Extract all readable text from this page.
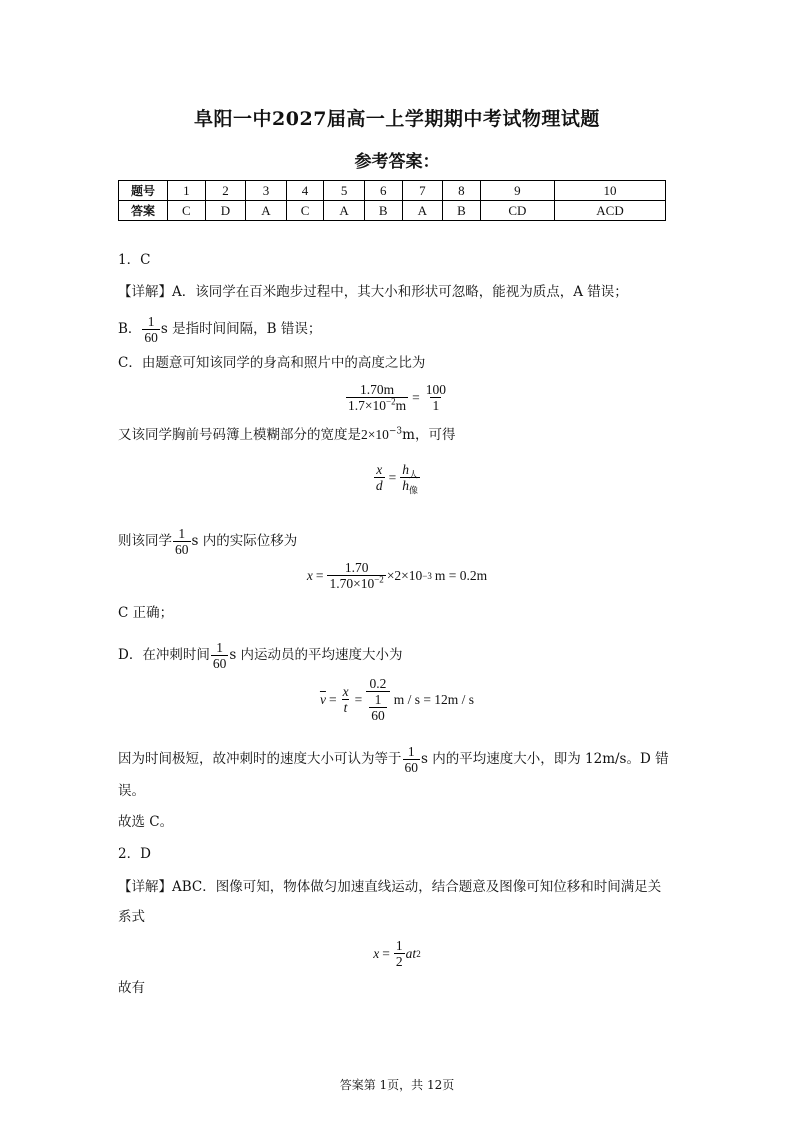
阜阳一中2027届高一上学期期中考试物理试题
参考答案：
题号	1	2	3	4	5	6	7	8	9	10
答案	C	D	A	C	A	B	A	B	CD	ACD
1．C
【详解】A．该同学在百米跑步过程中，其大小和形状可忽略，能视为质点，A 错误；
B． $\frac{1}{60}$ s 是指时间间隔，B 错误；
C．由题意可知该同学的身高和照片中的高度之比为
$\frac{1.70m}{1.7\times 10^{-2}m} = \frac{100}{1}$
又该同学胸前号码簿上模糊部分的宽度是$2\times 10^{-3}m$，可得
$\frac{x}{d} = \frac{h_人}{h_像}$
则该同学 $\frac{1}{60}$ s 内的实际位移为
$x = \frac{1.70}{1.70\times 10^{-2}} \times 2\times 10 -3$ m = 0.2m
C 正确；
D．在冲刺时间 $\frac{1}{60}$ s 内运动员的平均速度大小为
$\overline{v} = \frac{x}{t} = \frac{0.2}{\frac{1}{60}}$ m / s = 12m / s
因为时间极短，故冲刺时的速度大小可认为等于 $\frac{1}{60}$ s 内的平均速度大小，即为 12m/s。D 错
误。
故选 C。
2．D
【详解】ABC．图像可知，物体做匀加速直线运动，结合题意及图像可知位移和时间满足关
系式
$x = \frac{1}{2}$ at 2
故有
答案第 1页，共 12页
